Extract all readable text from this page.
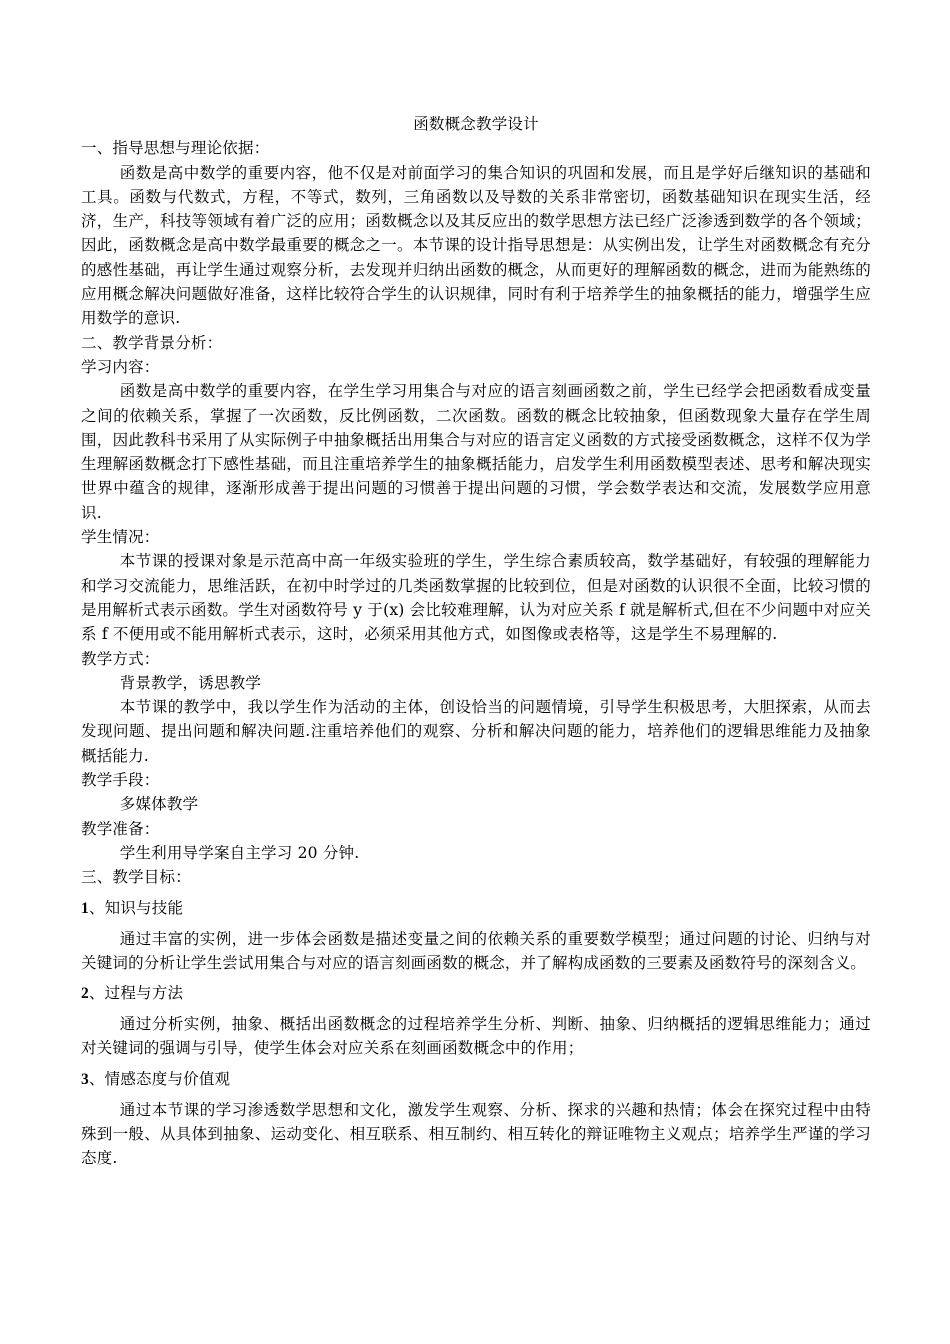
函数概念教学设计

一、指导思想与理论依据：

函数是高中数学的重要内容，他不仅是对前面学习的集合知识的巩固和发展，而且是学好后继知识的基础和工具。函数与代数式，方程，不等式，数列，三角函数以及导数的关系非常密切，函数基础知识在现实生活，经济，生产，科技等领域有着广泛的应用；函数概念以及其反应出的数学思想方法已经广泛渗透到数学的各个领域；因此，函数概念是高中数学最重要的概念之一。本节课的设计指导思想是：从实例出发，让学生对函数概念有充分的感性基础，再让学生通过观察分析，去发现并归纳出函数的概念，从而更好的理解函数的概念，进而为能熟练的应用概念解决问题做好准备，这样比较符合学生的认识规律，同时有利于培养学生的抽象概括的能力，增强学生应用数学的意识.

二、教学背景分析：

学习内容：

函数是高中数学的重要内容，在学生学习用集合与对应的语言刻画函数之前，学生已经学会把函数看成变量之间的依赖关系，掌握了一次函数，反比例函数，二次函数。函数的概念比较抽象，但函数现象大量存在学生周围，因此教科书采用了从实际例子中抽象概括出用集合与对应的语言定义函数的方式接受函数概念，这样不仅为学生理解函数概念打下感性基础，而且注重培养学生的抽象概括能力，启发学生利用函数模型表述、思考和解决现实世界中蕴含的规律，逐渐形成善于提出问题的习惯善于提出问题的习惯，学会数学表达和交流，发展数学应用意识.

学生情况：

本节课的授课对象是示范高中高一年级实验班的学生，学生综合素质较高，数学基础好，有较强的理解能力和学习交流能力，思维活跃，在初中时学过的几类函数掌握的比较到位，但是对函数的认识很不全面，比较习惯的是用解析式表示函数。学生对函数符号 y 于(x) 会比较难理解，认为对应关系 f 就是解析式,但在不少问题中对应关系 f 不便用或不能用解析式表示，这时，必须采用其他方式，如图像或表格等，这是学生不易理解的.

教学方式：

背景教学，诱思教学

本节课的教学中，我以学生作为活动的主体，创设恰当的问题情境，引导学生积极思考，大胆探索，从而去发现问题、提出问题和解决问题.注重培养他们的观察、分析和解决问题的能力，培养他们的逻辑思维能力及抽象概括能力.

教学手段：

多媒体教学

教学准备：

学生利用导学案自主学习 20 分钟.

三、教学目标：

1、知识与技能

通过丰富的实例，进一步体会函数是描述变量之间的依赖关系的重要数学模型；通过问题的讨论、归纳与对关键词的分析让学生尝试用集合与对应的语言刻画函数的概念，并了解构成函数的三要素及函数符号的深刻含义。

2、过程与方法

通过分析实例，抽象、概括出函数概念的过程培养学生分析、判断、抽象、归纳概括的逻辑思维能力；通过对关键词的强调与引导，使学生体会对应关系在刻画函数概念中的作用；

3、情感态度与价值观

通过本节课的学习渗透数学思想和文化，激发学生观察、分析、探求的兴趣和热情；体会在探究过程中由特殊到一般、从具体到抽象、运动变化、相互联系、相互制约、相互转化的辩证唯物主义观点；培养学生严谨的学习态度.
